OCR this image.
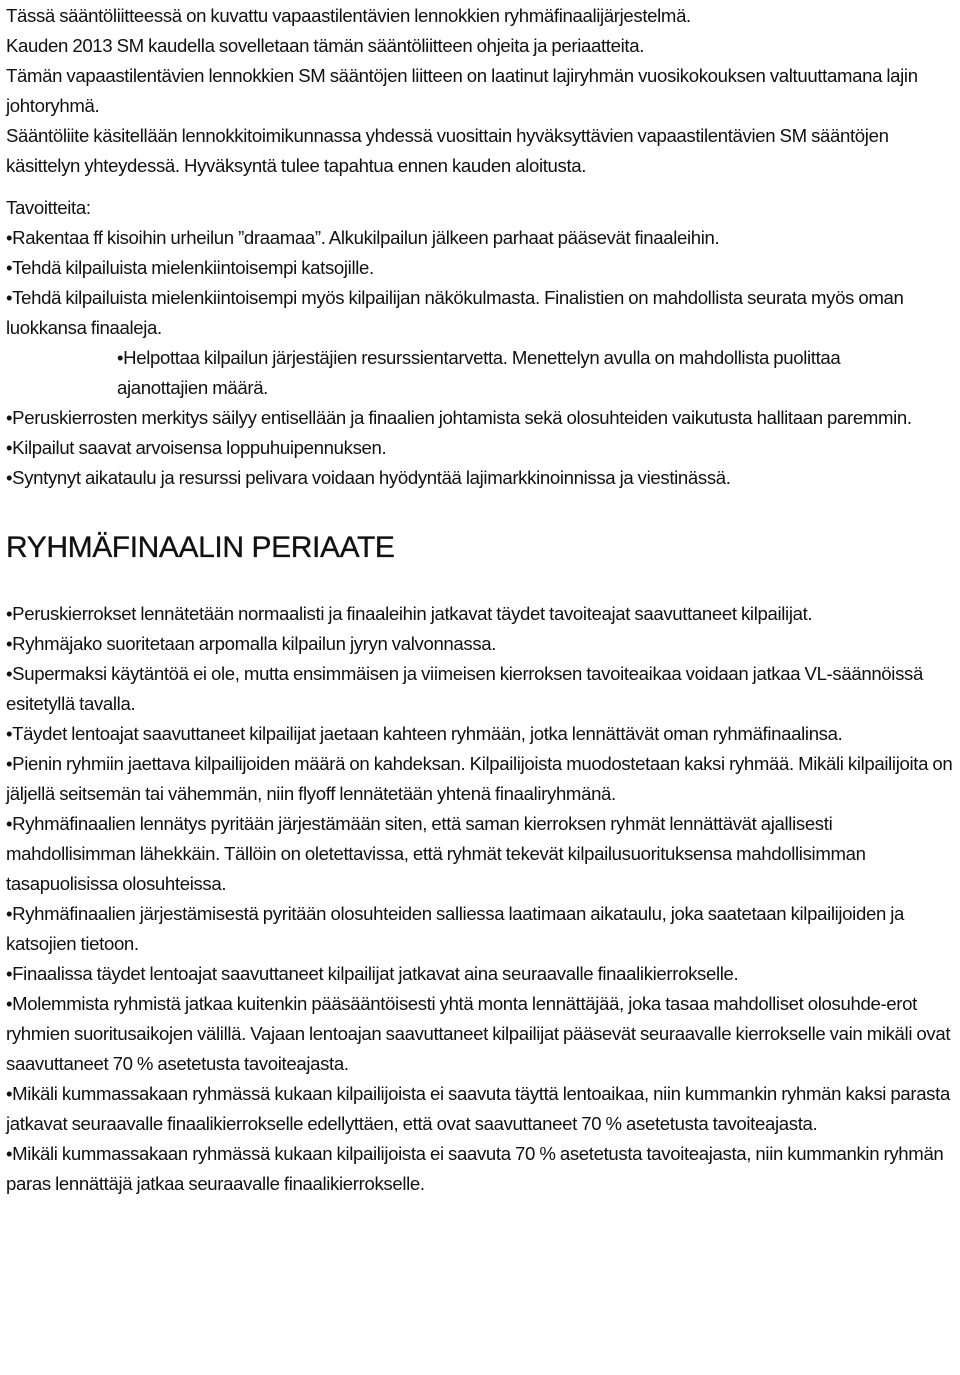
Tässä sääntöliitteessä on kuvattu vapaastilentävien lennokkien ryhmäfinaalijärjestelmä.

Kauden 2013 SM kaudella sovelletaan tämän sääntöliitteen ohjeita ja periaatteita.

Tämän vapaastilentävien lennokkien SM sääntöjen liitteen on laatinut lajiryhmän vuosikokouksen valtuuttamana lajin johtoryhmä.

Sääntöliite käsitellään lennokkitoimikunnassa yhdessä vuosittain hyväksyttävien vapaastilentävien SM sääntöjen käsittelyn yhteydessä. Hyväksyntä tulee tapahtua ennen kauden aloitusta.

Tavoitteita:

•Rakentaa ff kisoihin urheilun ”draamaa”. Alkukilpailun jälkeen parhaat pääsevät finaaleihin.

•Tehdä kilpailuista mielenkiintoisempi katsojille.

•Tehdä kilpailuista mielenkiintoisempi myös kilpailijan näkökulmasta. Finalistien on mahdollista seurata myös oman luokkansa finaaleja.

•Helpottaa kilpailun järjestäjien resurssientarvetta. Menettelyn avulla on mahdollista puolittaa

ajanottajien määrä.

•Peruskierrosten merkitys säilyy entisellään ja finaalien johtamista sekä olosuhteiden vaikutusta hallitaan paremmin.

•Kilpailut saavat arvoisensa loppuhuipennuksen.

•Syntynyt aikataulu ja resurssi pelivara voidaan hyödyntää lajimarkkinoinnissa ja viestinässä.

RYHMÄFINAALIN PERIAATE

•Peruskierrokset lennätetään normaalisti ja finaaleihin jatkavat täydet tavoiteajat saavuttaneet kilpailijat.

•Ryhmäjako suoritetaan arpomalla kilpailun jyryn valvonnassa.

•Supermaksi käytäntöä ei ole, mutta ensimmäisen ja viimeisen kierroksen tavoiteaikaa voidaan jatkaa VL-säännöissä esitetyllä tavalla.

•Täydet lentoajat saavuttaneet kilpailijat jaetaan kahteen ryhmään, jotka lennättävät oman ryhmäfinaalinsa.

•Pienin ryhmiin jaettava kilpailijoiden määrä on kahdeksan. Kilpailijoista muodostetaan kaksi ryhmää. Mikäli kilpailijoita on jäljellä seitsemän tai vähemmän, niin flyoff lennätetään yhtenä finaaliryhmänä.

•Ryhmäfinaalien lennätys pyritään järjestämään siten, että saman kierroksen ryhmät lennättävät ajallisesti mahdollisimman lähekkäin. Tällöin on oletettavissa, että ryhmät tekevät kilpailusuorituksensa mahdollisimman tasapuolisissa olosuhteissa.

•Ryhmäfinaalien järjestämisestä pyritään olosuhteiden salliessa laatimaan aikataulu, joka saatetaan kilpailijoiden ja katsojien tietoon.

•Finaalissa täydet lentoajat saavuttaneet kilpailijat jatkavat aina seuraavalle finaalikierrokselle.

•Molemmista ryhmistä jatkaa kuitenkin pääsääntöisesti yhtä monta lennättäjää, joka tasaa mahdolliset olosuhde-erot ryhmien suoritusaikojen välillä. Vajaan lentoajan saavuttaneet kilpailijat pääsevät seuraavalle kierrokselle vain mikäli ovat saavuttaneet 70 % asetetusta tavoiteajasta.

•Mikäli kummassakaan ryhmässä kukaan kilpailijoista ei saavuta täyttä lentoaikaa, niin kummankin ryhmän kaksi parasta jatkavat seuraavalle finaalikierrokselle edellyttäen, että ovat saavuttaneet 70 % asetetusta tavoiteajasta.

•Mikäli kummassakaan ryhmässä kukaan kilpailijoista ei saavuta 70 % asetetusta tavoiteajasta, niin kummankin ryhmän paras lennättäjä jatkaa seuraavalle finaalikierrokselle.
